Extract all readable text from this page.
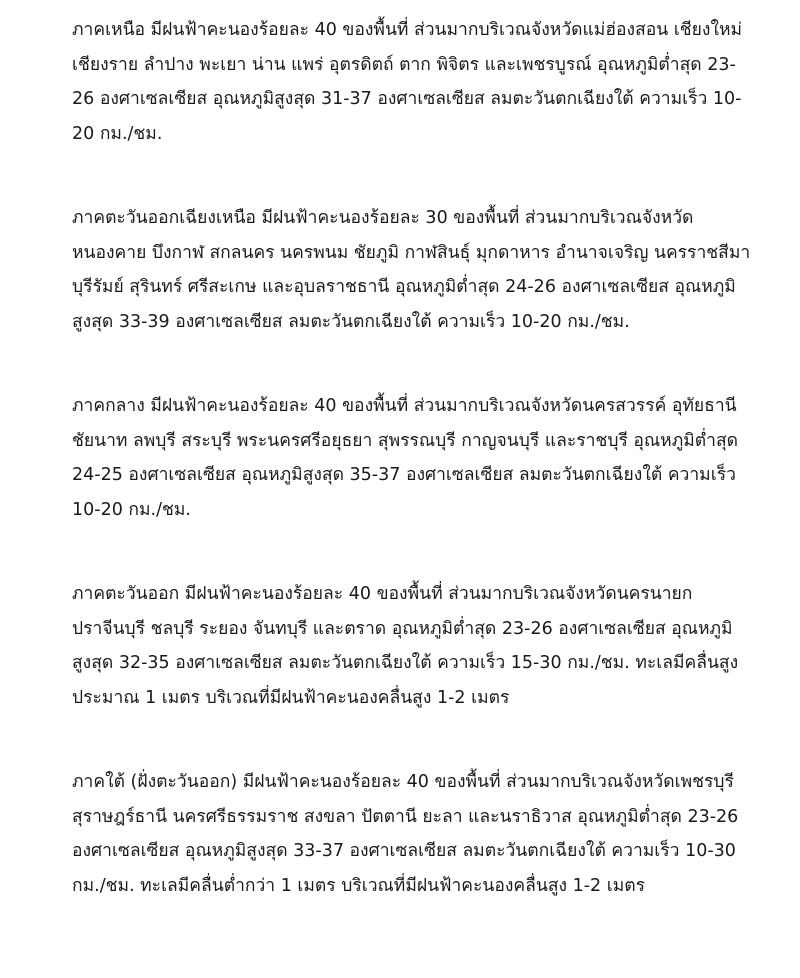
ภาคเหนือ มีฝนฟ้าคะนองร้อยละ 40 ของพื้นที่ ส่วนมากบริเวณจังหวัดแม่ฮ่องสอน เชียงใหม่ เชียงราย ลำปาง พะเยา น่าน แพร่ อุตรดิตถ์ ตาก พิจิตร และเพชรบูรณ์ อุณหภูมิต่ำสุด 23-26 องศาเซลเซียส อุณหภูมิสูงสุด 31-37 องศาเซลเซียส ลมตะวันตกเฉียงใต้ ความเร็ว 10-20 กม./ชม.

ภาคตะวันออกเฉียงเหนือ มีฝนฟ้าคะนองร้อยละ 30 ของพื้นที่ ส่วนมากบริเวณจังหวัดหนองคาย บึงกาฬ สกลนคร นครพนม ชัยภูมิ กาฬสินธุ์ มุกดาหาร อำนาจเจริญ นครราชสีมา บุรีรัมย์ สุรินทร์ ศรีสะเกษ และอุบลราชธานี อุณหภูมิต่ำสุด 24-26 องศาเซลเซียส อุณหภูมิสูงสุด 33-39 องศาเซลเซียส ลมตะวันตกเฉียงใต้ ความเร็ว 10-20 กม./ชม.

ภาคกลาง มีฝนฟ้าคะนองร้อยละ 40 ของพื้นที่ ส่วนมากบริเวณจังหวัดนครสวรรค์ อุทัยธานี ชัยนาท ลพบุรี สระบุรี พระนครศรีอยุธยา สุพรรณบุรี กาญจนบุรี และราชบุรี อุณหภูมิต่ำสุด 24-25 องศาเซลเซียส อุณหภูมิสูงสุด 35-37 องศาเซลเซียส ลมตะวันตกเฉียงใต้ ความเร็ว 10-20 กม./ชม.

ภาคตะวันออก มีฝนฟ้าคะนองร้อยละ 40 ของพื้นที่ ส่วนมากบริเวณจังหวัดนครนายก ปราจีนบุรี ชลบุรี ระยอง จันทบุรี และตราด อุณหภูมิต่ำสุด 23-26 องศาเซลเซียส อุณหภูมิสูงสุด 32-35 องศาเซลเซียส ลมตะวันตกเฉียงใต้ ความเร็ว 15-30 กม./ชม. ทะเลมีคลื่นสูงประมาณ 1 เมตร บริเวณที่มีฝนฟ้าคะนองคลื่นสูง 1-2 เมตร

ภาคใต้ (ฝั่งตะวันออก) มีฝนฟ้าคะนองร้อยละ 40 ของพื้นที่ ส่วนมากบริเวณจังหวัดเพชรบุรี สุราษฎร์ธานี นครศรีธรรมราช สงขลา ปัตตานี ยะลา และนราธิวาส อุณหภูมิต่ำสุด 23-26 องศาเซลเซียส อุณหภูมิสูงสุด 33-37 องศาเซลเซียส ลมตะวันตกเฉียงใต้ ความเร็ว 10-30 กม./ชม. ทะเลมีคลื่นต่ำกว่า 1 เมตร บริเวณที่มีฝนฟ้าคะนองคลื่นสูง 1-2 เมตร
